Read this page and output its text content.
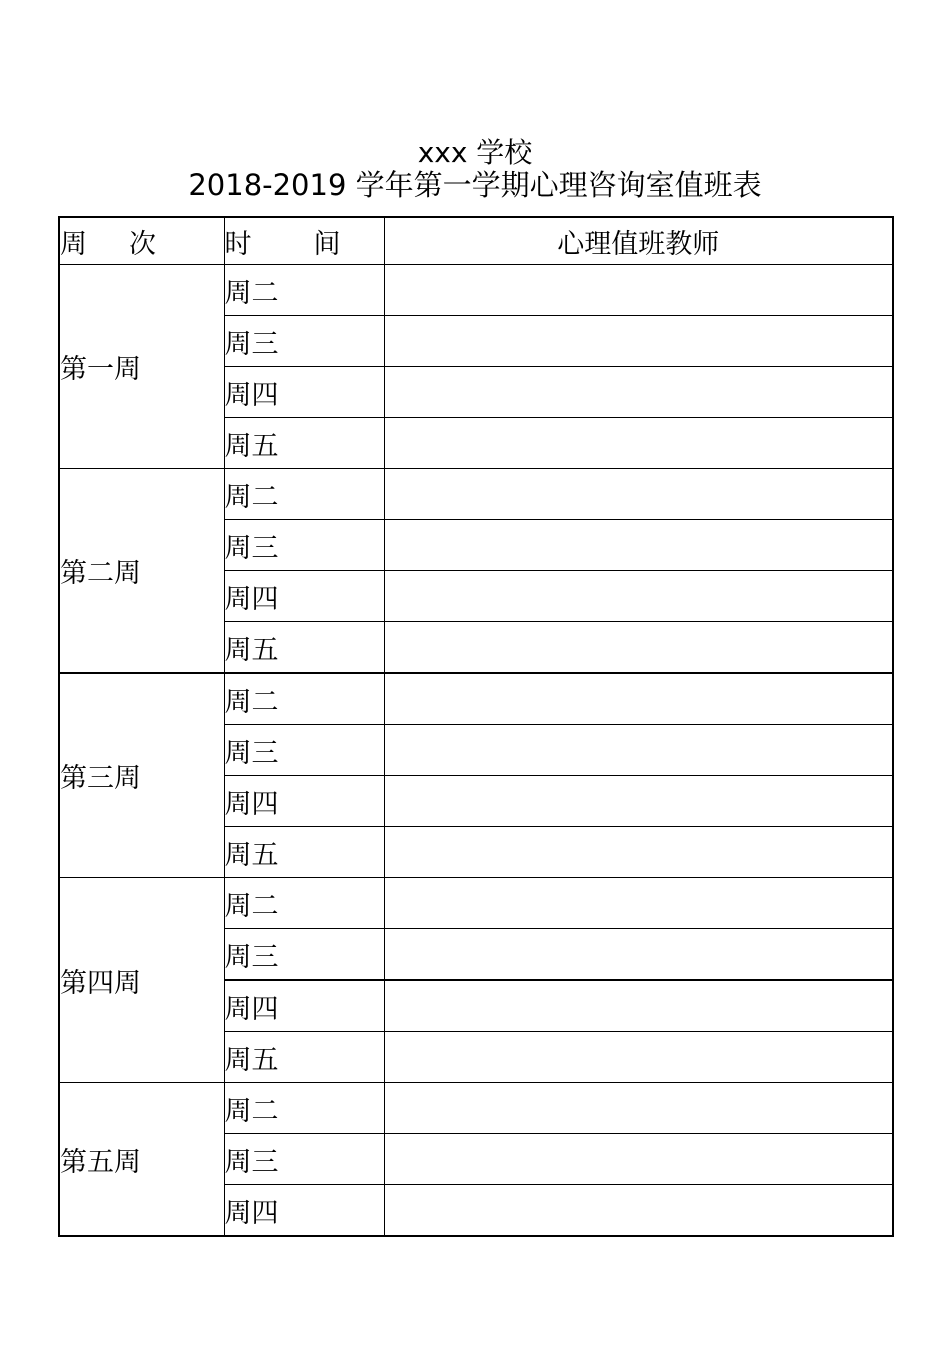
xxx 学校
2018-2019 学年第一学期心理咨询室值班表
周 次	时 间	心理值班教师
第一周	周二	
	周三	
	周四	
	周五	
第二周	周二	
	周三	
	周四	
	周五	
第三周	周二	
	周三	
	周四	
	周五	
第四周	周二	
	周三	
	周四	
	周五	
第五周	周二	
	周三	
	周四	
